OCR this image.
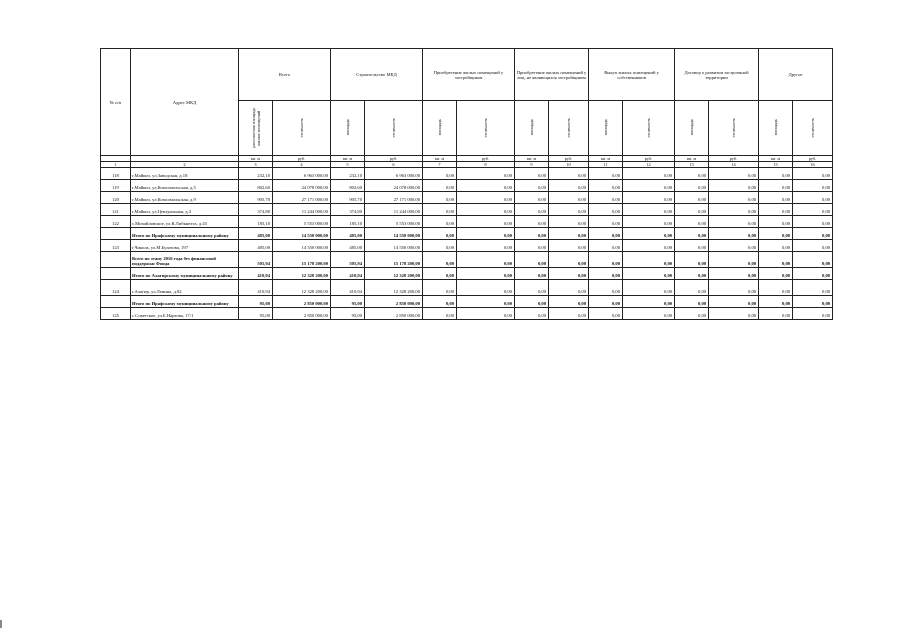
№ п/п	Адрес МКД	Всего		Строительство МКД		Приобретение жилых помещений у застройщиков		Приобретение жилых помещений у лиц, не являющихся застройщиком		Выкуп жилых помещений у собственников		Договор о развитии застроенной территории		Другое	
		расселяемая площадь жилых помещений	стоимость	площадь	стоимость	площадь	стоимость	площадь	стоимость	площадь	стоимость	площадь	стоимость	площадь	стоимость
		кв. м	руб.	кв. м	руб.	кв. м	руб.	кв. м	руб.	кв. м	руб.	кв. м	руб.	кв. м	руб.
1	2	3	4	5	6	7	8	9	10	11	12	13	14	15	16
118	г.Майкоп, ул.Заводская, д.18	232,10	6 963 000,00	232,10	6 963 000,00	0,00	0,00	0,00	0,00	0,00	0,00	0,00	0,00	0,00	0,00
119	г.Майкоп, ул.Комсомольская, д.5	802,60	24 078 000,00	802,60	24 078 000,00	0,00	0,00	0,00	0,00	0,00	0,00	0,00	0,00	0,00	0,00
120	г.Майкоп, ул.Комсомольская, д.9	905,70	27 171 000,00	905,70	27 171 000,00	0,00	0,00	0,00	0,00	0,00	0,00	0,00	0,00	0,00	0,00
121	г.Майкоп, ул.Центральная, д.3	374,80	11 244 000,00	374,80	11 244 000,00	0,00	0,00	0,00	0,00	0,00	0,00	0,00	0,00	0,00	0,00
122	с.Михайловское, ул.К.Либкнехта, д.43	185,10	5 553 000,00	185,10	5 553 000,00	0,00	0,00	0,00	0,00	0,00	0,00	0,00	0,00	0,00	0,00
	Итого по Ирафскому муниципальному району	485,00	14 550 000,00	485,00	14 550 000,00	0,00	0,00	0,00	0,00	0,00	0,00	0,00	0,00	0,00	0,00
123	г.Чикола, ул.М.Булатова, 197	485,00	14 550 000,00	485,00	14 550 000,00	0,00	0,00	0,00	0,00	0,00	0,00	0,00	0,00	0,00	0,00
	Всего по этапу 2016 года без финансовой поддержки Фонда	505,94	15 178 200,00	505,94	15 178 200,00	0,00	0,00	0,00	0,00	0,00	0,00	0,00	0,00	0,00	0,00
	Итого по Алагирскому муниципальному району	410,94	12 328 200,00	410,94	12 328 200,00	0,00	0,00	0,00	0,00	0,00	0,00	0,00	0,00	0,00	0,00
124	г.Алагир, ул.Ленина, д.82	410,94	12 328 200,00	410,94	12 328 200,00	0,00	0,00	0,00	0,00	0,00	0,00	0,00	0,00	0,00	0,00
	Итого по Ирафскому муниципальному району	95,00	2 850 000,00	95,00	2 850 000,00	0,00	0,00	0,00	0,00	0,00	0,00	0,00	0,00	0,00	0,00
125	с.Советское, ул.Б.Нартова, 17/1	95,00	2 850 000,00	95,00	2 850 000,00	0,00	0,00	0,00	0,00	0,00	0,00	0,00	0,00	0,00	0,00
